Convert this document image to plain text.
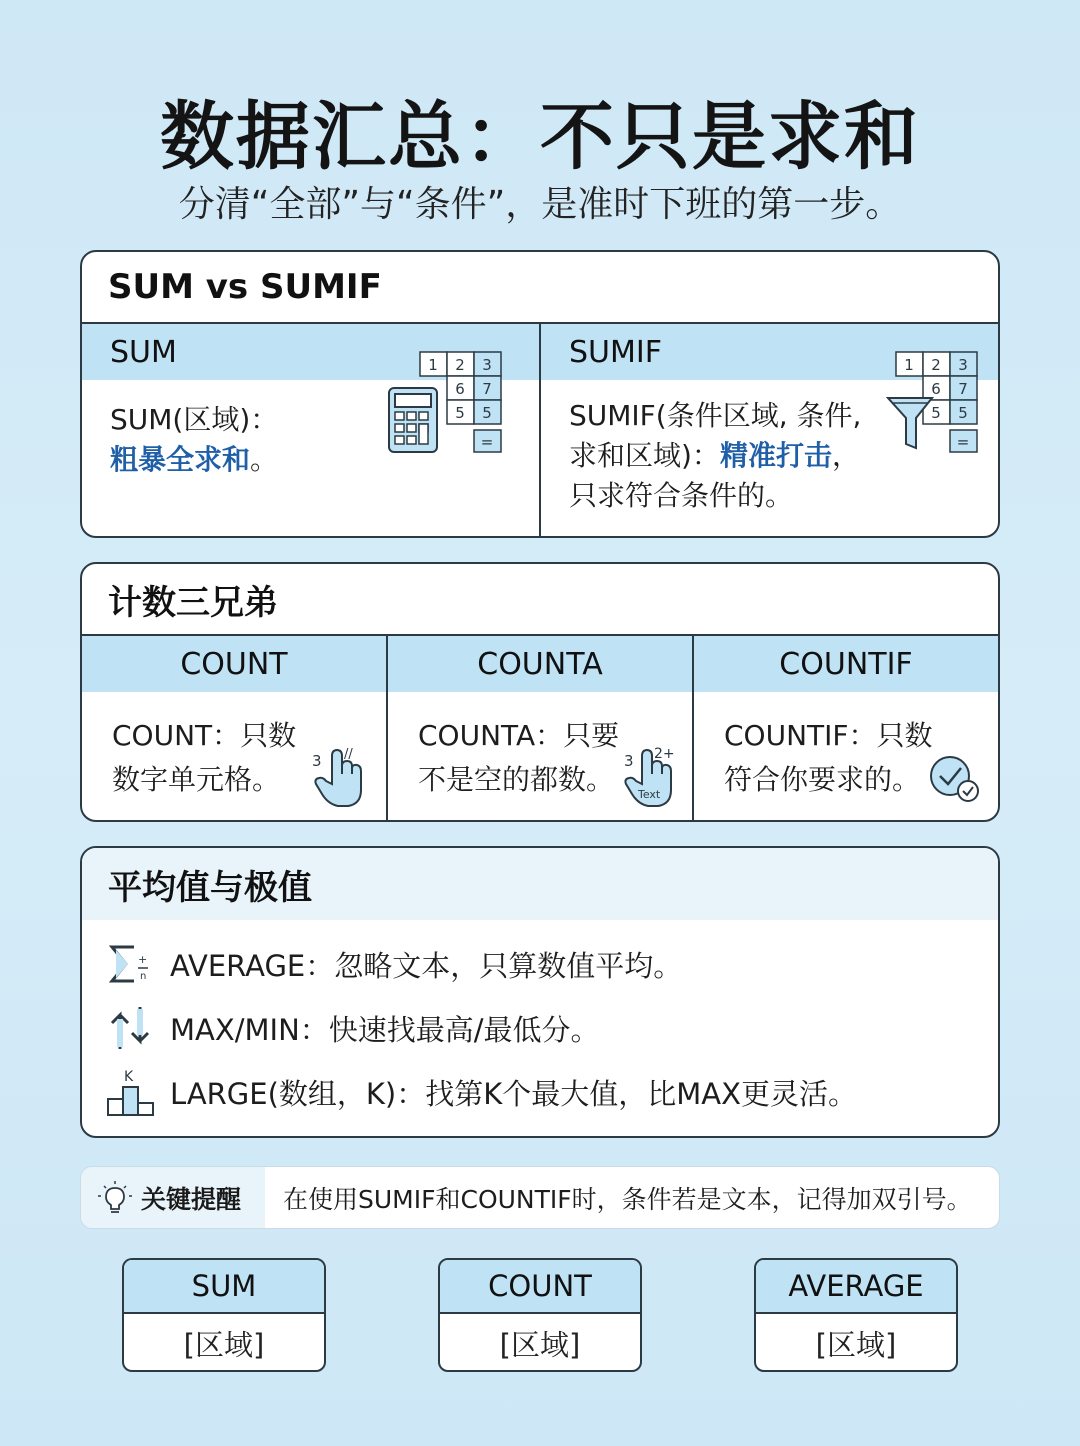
数据汇总：不只是求和
分清“全部”与“条件”，是准时下班的第一步。
SUM vs SUMIF
SUM
SUM(区域)：
粗暴全求和。
1 2 3
6 7
5 5
=
SUMIF
SUMIF(条件区域, 条件,
求和区域)：精准打击，
只求符合条件的。
1 2 3
6 7
5 5
=
计数三兄弟
COUNT
COUNT：只数
数字单元格。
3 //
COUNTA
COUNTA：只要
不是空的都数。
3 2+
Text
COUNTIF
COUNTIF：只数
符合你要求的。
平均值与极值
+
n AVERAGE：忽略文本，只算数值平均。
MAX/MIN：快速找最高/最低分。
K LARGE(数组，K)：找第K个最大值，比MAX更灵活。
关键提醒	在使用SUMIF和COUNTIF时，条件若是文本，记得加双引号。
SUM
[区域]
COUNT
[区域]
AVERAGE
[区域]
